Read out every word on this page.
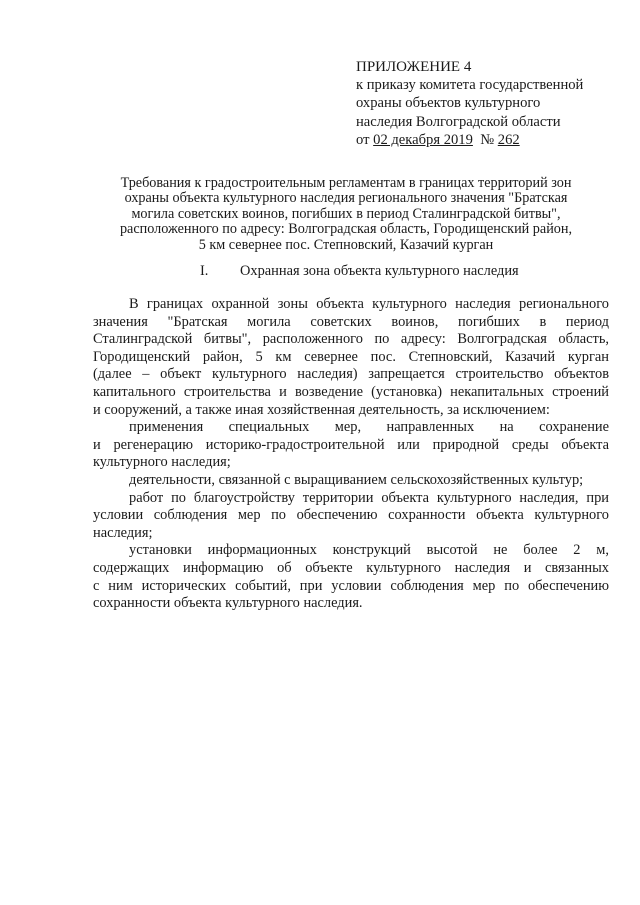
ПРИЛОЖЕНИЕ 4
к приказу комитета государственной
охраны объектов культурного
наследия Волгоградской области
от 02 декабря 2019  № 262
Требования к градостроительным регламентам в границах территорий зон
охраны объекта культурного наследия регионального значения "Братская
могила советских воинов, погибших в период Сталинградской битвы",
расположенного по адресу: Волгоградская область, Городищенский район,
5 км севернее пос. Степновский, Казачий курган
I. Охранная зона объекта культурного наследия
В границах охранной зоны объекта культурного наследия регионального
значения "Братская могила советских воинов, погибших в период
Сталинградской битвы", расположенного по адресу: Волгоградская область,
Городищенский район, 5 км севернее пос. Степновский, Казачий курган
(далее – объект культурного наследия) запрещается строительство объектов
капитального строительства и возведение (установка) некапитальных строений
и сооружений, а также иная хозяйственная деятельность, за исключением:
применения специальных мер, направленных на сохранение
и регенерацию историко-градостроительной или природной среды объекта
культурного наследия;
деятельности, связанной с выращиванием сельскохозяйственных культур;
работ по благоустройству территории объекта культурного наследия, при
условии соблюдения мер по обеспечению сохранности объекта культурного
наследия;
установки информационных конструкций высотой не более 2 м,
содержащих информацию об объекте культурного наследия и связанных
с ним исторических событий, при условии соблюдения мер по обеспечению
сохранности объекта культурного наследия.
